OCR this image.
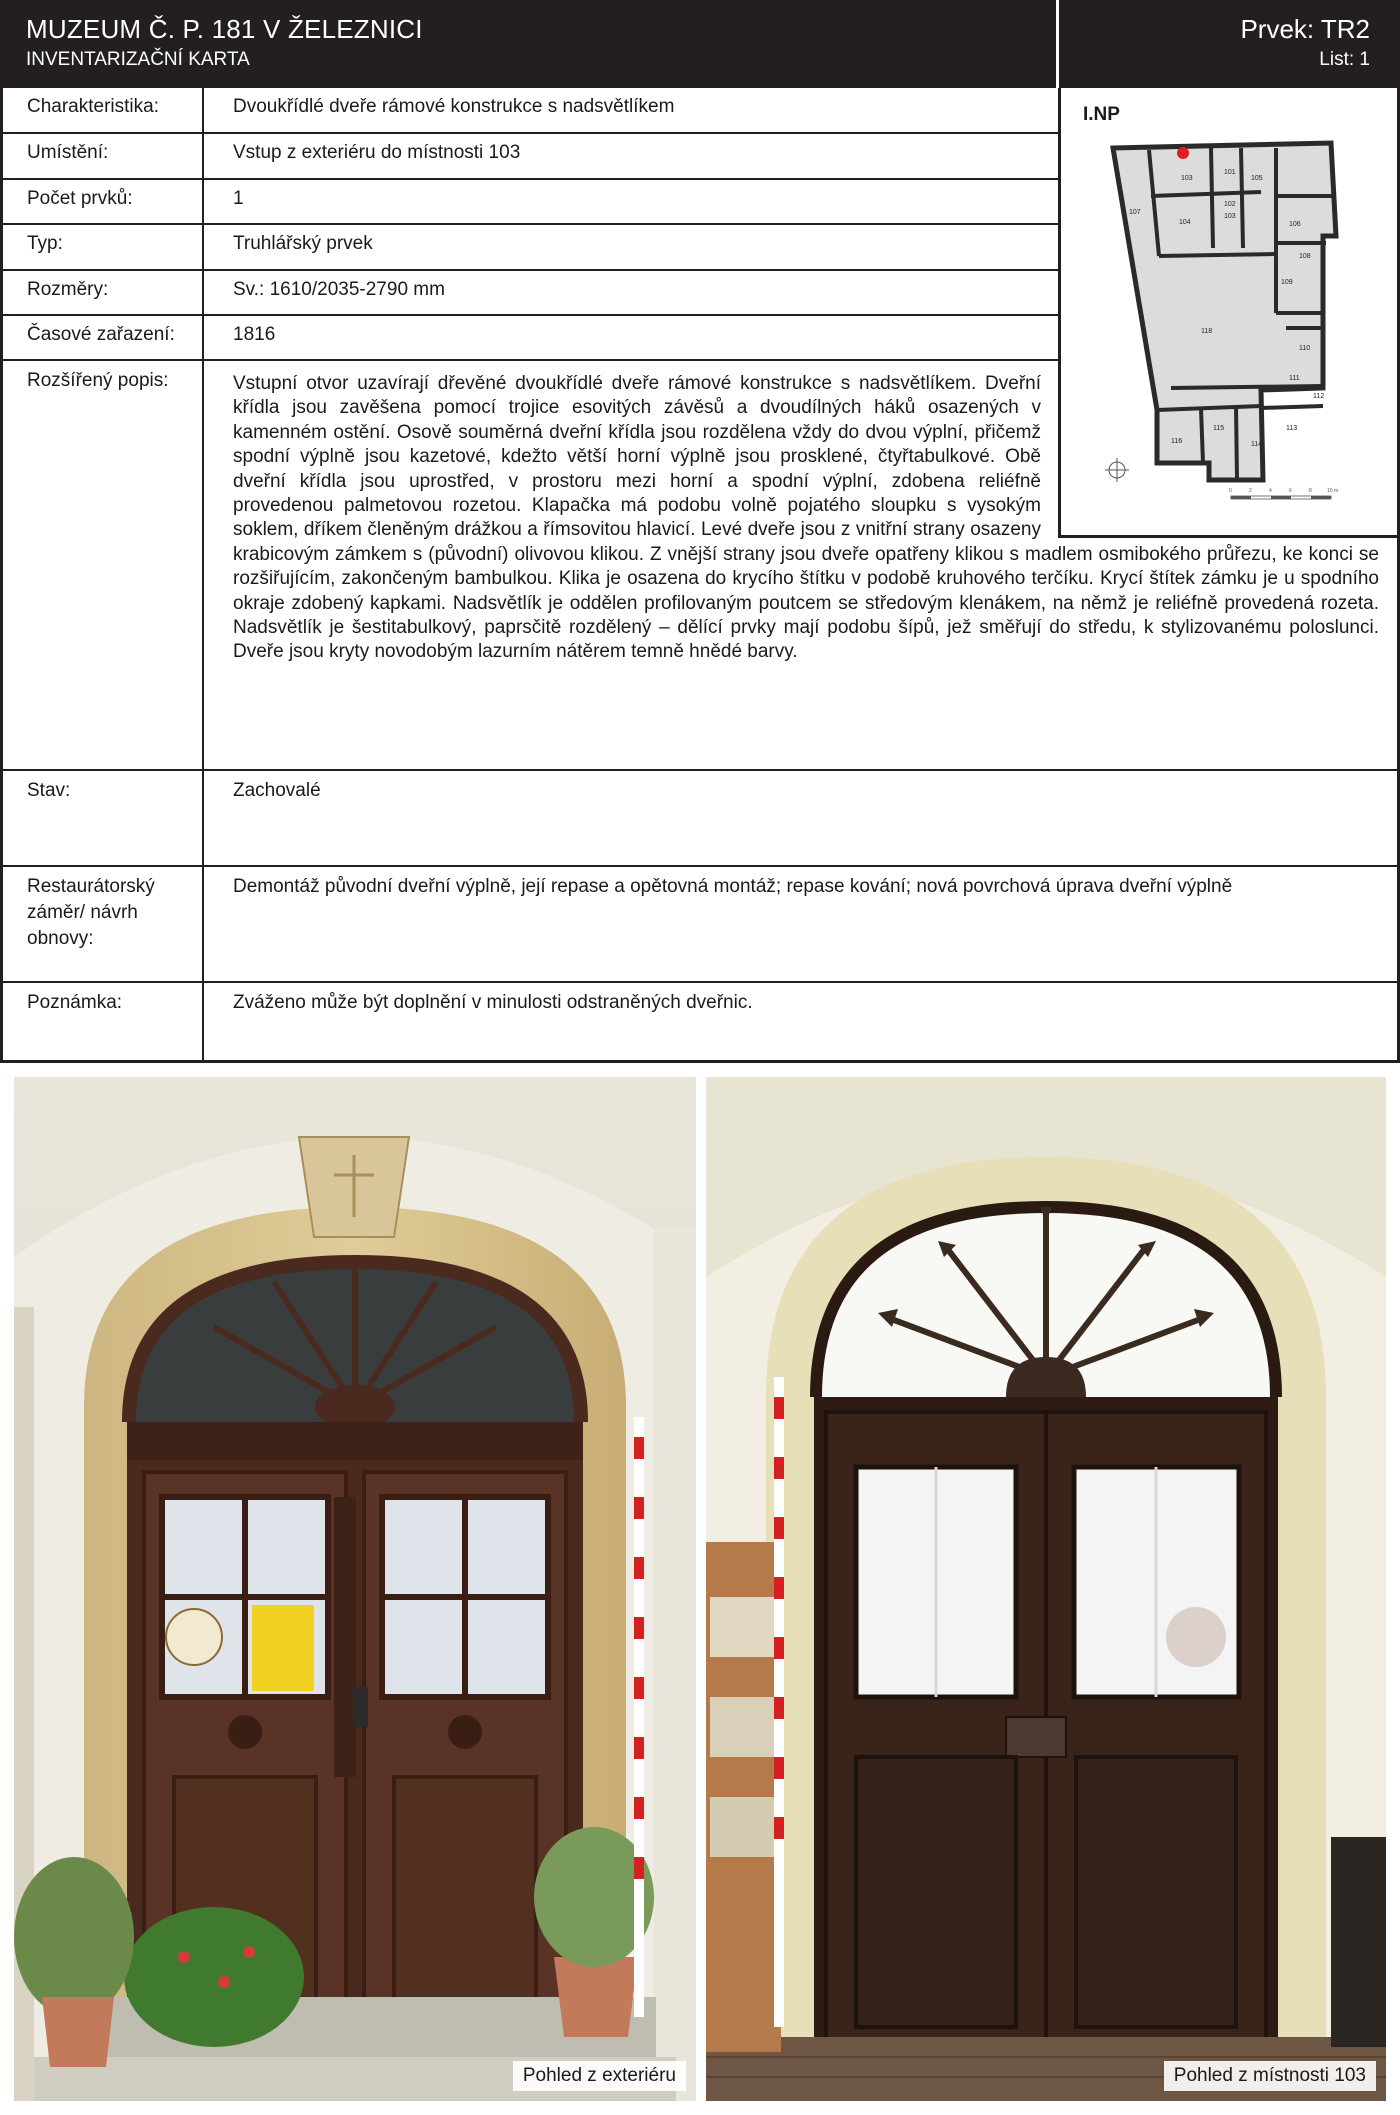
MUZEUM Č. P. 181 V ŽELEZNICI
INVENTARIZAČNÍ KARTA
Prvek: TR2
List: 1
Charakteristika:	Dvoukřídlé dveře rámové konstrukce s nadsvětlíkem
Umístění:	Vstup z exteriéru do místnosti 103
Počet prvků:	1
Typ:	Truhlářský prvek
Rozměry:	Sv.: 1610/2035-2790 mm
Časové zařazení:	1816
Rozšířený popis:	Vstupní otvor uzavírají dřevěné dvoukřídlé dveře rámové konstrukce s nadsvětlíkem. Dveřní křídla jsou zavěšena pomocí trojice esovitých závěsů a dvoudílných háků osazených v kamenném ostění. Osově souměrná dveřní křídla jsou rozdělena vždy do dvou výplní, přičemž spodní výplně jsou kazetové, kdežto větší horní výplně jsou prosklené, čtyřtabulkové. Obě dveřní křídla jsou uprostřed, v prostoru mezi horní a spodní výplní, zdobena reliéfně provedenou palmetovou rozetou. Klapačka má podobu volně pojatého sloupku s vysokým soklem, dříkem členěným drážkou a římsovitou hlavicí. Levé dveře jsou z vnitřní strany osazeny krabicovým zámkem s (původní) olivovou klikou. Z vnější strany jsou dveře opatřeny klikou s madlem osmibokého průřezu, ke konci se rozšiřujícím, zakončeným bambulkou. Klika je osazena do krycího štítku v podobě kruhového terčíku. Krycí štítek zámku je u spodního okraje zdobený kapkami. Nadsvětlík je oddělen profilovaným poutcem se středovým klenákem, na němž je reliéfně provedená rozeta. Nadsvětlík je šestitabulkový, paprsčitě rozdělený – dělící prvky mají podobu šípů, jež směřují do středu, k stylizovanému poloslunci. Dveře jsou kryty novodobým lazurním nátěrem temně hnědé barvy.
Stav:	Zachovalé
Restaurátorský záměr/ návrh obnovy:
Demontáž původní dveřní výplně, její repase a opětovná montáž; repase kování; nová povrchová úprava dveřní výplně
Poznámka:	Zváženo může být doplnění v minulosti odstraněných dveřnic.
I.NP
103
101
105
102
103
107
104	106
108
109
118
110
111
112
116
115
114
113
0	2	4	6	8	10 m
Pohled z exteriéru	Pohled z místnosti 103
